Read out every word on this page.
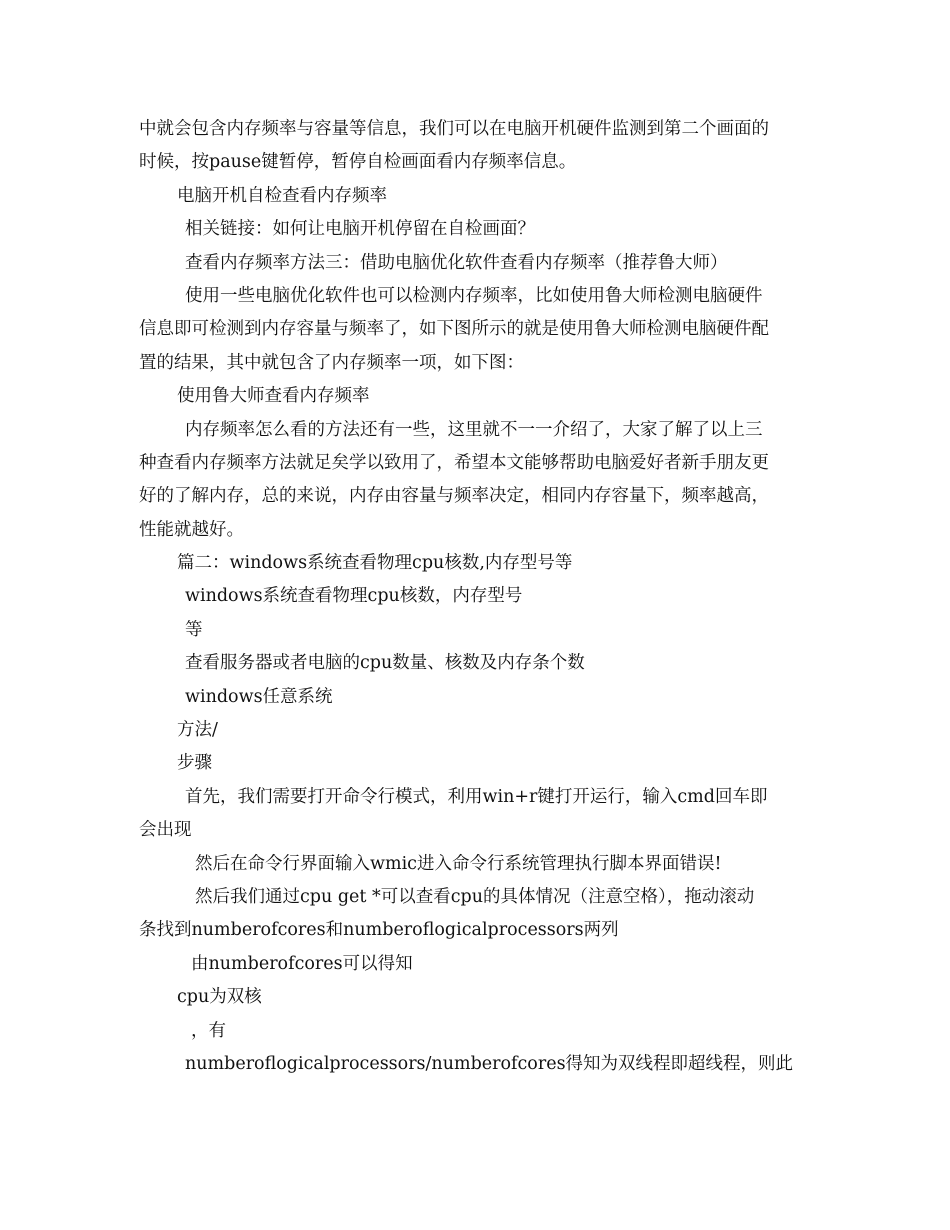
中就会包含内存频率与容量等信息，我们可以在电脑开机硬件监测到第二个画面的
时候，按pause键暂停，暂停自检画面看内存频率信息。
电脑开机自检查看内存频率
相关链接：如何让电脑开机停留在自检画面？
查看内存频率方法三：借助电脑优化软件查看内存频率（推荐鲁大师）
使用一些电脑优化软件也可以检测内存频率，比如使用鲁大师检测电脑硬件
信息即可检测到内存容量与频率了，如下图所示的就是使用鲁大师检测电脑硬件配
置的结果，其中就包含了内存频率一项，如下图：
使用鲁大师查看内存频率
内存频率怎么看的方法还有一些，这里就不一一介绍了，大家了解了以上三
种查看内存频率方法就足矣学以致用了，希望本文能够帮助电脑爱好者新手朋友更
好的了解内存，总的来说，内存由容量与频率决定，相同内存容量下，频率越高，
性能就越好。
篇二：windows系统查看物理cpu核数,内存型号等
windows系统查看物理cpu核数，内存型号
等
查看服务器或者电脑的cpu数量、核数及内存条个数
windows任意系统
方法/
步骤
首先，我们需要打开命令行模式，利用win+r键打开运行，输入cmd回车即
会出现
然后在命令行界面输入wmic进入命令行系统管理执行脚本界面错误!
然后我们通过cpu get *可以查看cpu的具体情况（注意空格），拖动滚动
条找到numberofcores和numberoflogicalprocessors两列
由numberofcores可以得知
cpu为双核
，有
numberoflogicalprocessors/numberofcores得知为双线程即超线程，则此
